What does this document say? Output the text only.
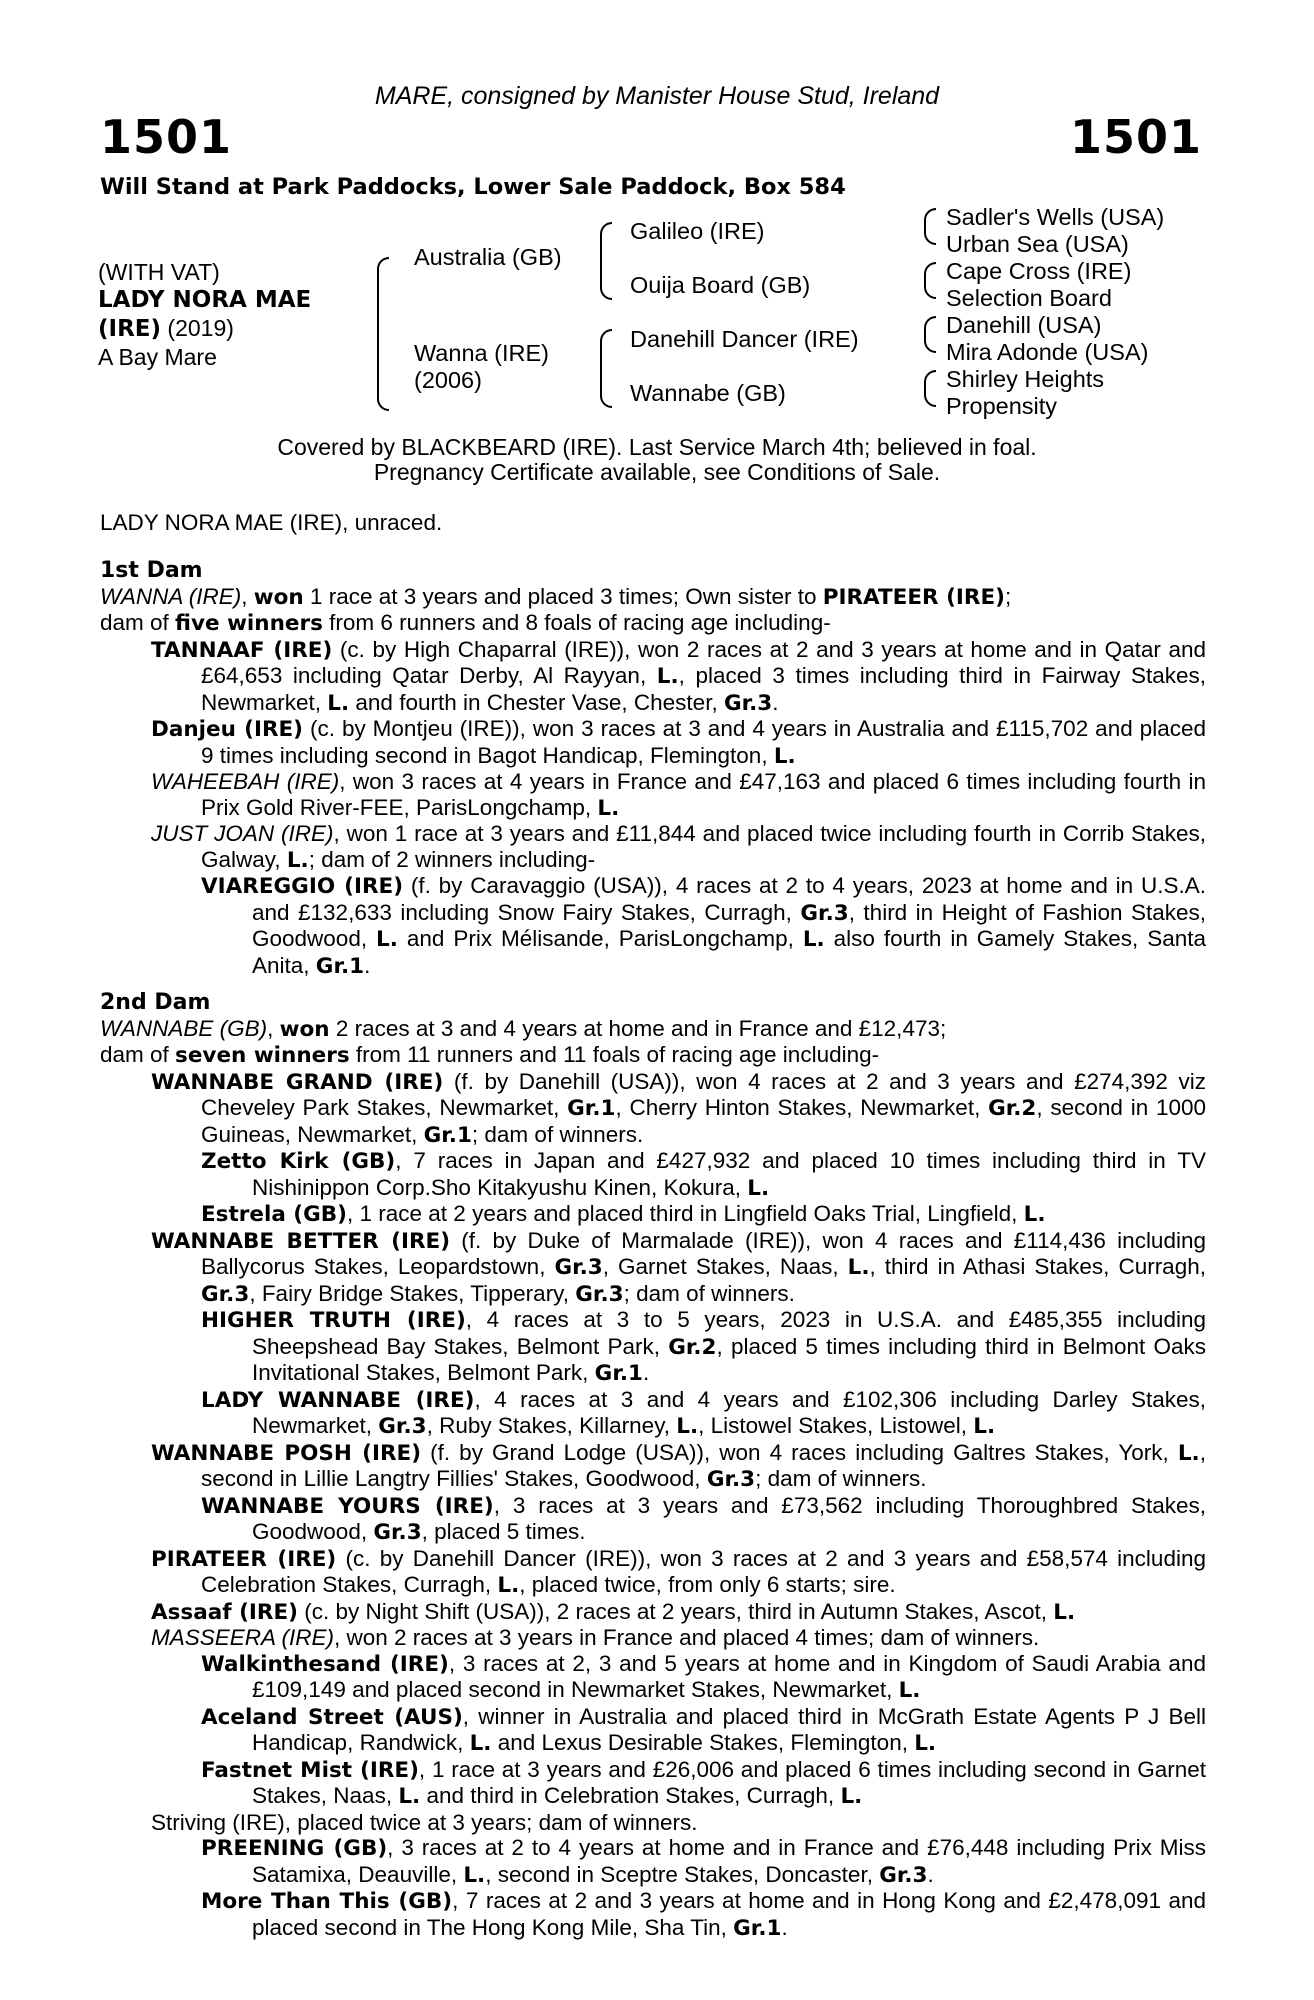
MARE, consigned by Manister House Stud, Ireland
1501	1501
Will Stand at Park Paddocks, Lower Sale Paddock, Box 584
(WITH VAT)
LADY NORA MAE
(IRE) (2019)
A Bay Mare
Australia (GB)
Wanna (IRE)
(2006)
Galileo (IRE)
Ouija Board (GB)
Danehill Dancer (IRE)
Wannabe (GB)
Sadler's Wells (USA)
Urban Sea (USA)
Cape Cross (IRE)
Selection Board
Danehill (USA)
Mira Adonde (USA)
Shirley Heights
Propensity
Covered by BLACKBEARD (IRE). Last Service March 4th; believed in foal.
Pregnancy Certificate available, see Conditions of Sale.
LADY NORA MAE (IRE), unraced.
1st Dam
WANNA (IRE), won 1 race at 3 years and placed 3 times; Own sister to PIRATEER (IRE);
dam of five winners from 6 runners and 8 foals of racing age including-
TANNAAF (IRE) (c. by High Chaparral (IRE)), won 2 races at 2 and 3 years at home and in Qatar and £64,653 including Qatar Derby, Al Rayyan, L., placed 3 times including third in Fairway Stakes, Newmarket, L. and fourth in Chester Vase, Chester, Gr.3.
Danjeu (IRE) (c. by Montjeu (IRE)), won 3 races at 3 and 4 years in Australia and £115,702 and placed 9 times including second in Bagot Handicap, Flemington, L.
WAHEEBAH (IRE), won 3 races at 4 years in France and £47,163 and placed 6 times including fourth in Prix Gold River-FEE, ParisLongchamp, L.
JUST JOAN (IRE), won 1 race at 3 years and £11,844 and placed twice including fourth in Corrib Stakes, Galway, L.; dam of 2 winners including-
VIAREGGIO (IRE) (f. by Caravaggio (USA)), 4 races at 2 to 4 years, 2023 at home and in U.S.A. and £132,633 including Snow Fairy Stakes, Curragh, Gr.3, third in Height of Fashion Stakes, Goodwood, L. and Prix Mélisande, ParisLongchamp, L. also fourth in Gamely Stakes, Santa Anita, Gr.1.
2nd Dam
WANNABE (GB), won 2 races at 3 and 4 years at home and in France and £12,473;
dam of seven winners from 11 runners and 11 foals of racing age including-
WANNABE GRAND (IRE) (f. by Danehill (USA)), won 4 races at 2 and 3 years and £274,392 viz Cheveley Park Stakes, Newmarket, Gr.1, Cherry Hinton Stakes, Newmarket, Gr.2, second in 1000 Guineas, Newmarket, Gr.1; dam of winners.
Zetto Kirk (GB), 7 races in Japan and £427,932 and placed 10 times including third in TV Nishinippon Corp.Sho Kitakyushu Kinen, Kokura, L.
Estrela (GB), 1 race at 2 years and placed third in Lingfield Oaks Trial, Lingfield, L.
WANNABE BETTER (IRE) (f. by Duke of Marmalade (IRE)), won 4 races and £114,436 including Ballycorus Stakes, Leopardstown, Gr.3, Garnet Stakes, Naas, L., third in Athasi Stakes, Curragh, Gr.3, Fairy Bridge Stakes, Tipperary, Gr.3; dam of winners.
HIGHER TRUTH (IRE), 4 races at 3 to 5 years, 2023 in U.S.A. and £485,355 including Sheepshead Bay Stakes, Belmont Park, Gr.2, placed 5 times including third in Belmont Oaks Invitational Stakes, Belmont Park, Gr.1.
LADY WANNABE (IRE), 4 races at 3 and 4 years and £102,306 including Darley Stakes, Newmarket, Gr.3, Ruby Stakes, Killarney, L., Listowel Stakes, Listowel, L.
WANNABE POSH (IRE) (f. by Grand Lodge (USA)), won 4 races including Galtres Stakes, York, L., second in Lillie Langtry Fillies' Stakes, Goodwood, Gr.3; dam of winners.
WANNABE YOURS (IRE), 3 races at 3 years and £73,562 including Thoroughbred Stakes, Goodwood, Gr.3, placed 5 times.
PIRATEER (IRE) (c. by Danehill Dancer (IRE)), won 3 races at 2 and 3 years and £58,574 including Celebration Stakes, Curragh, L., placed twice, from only 6 starts; sire.
Assaaf (IRE) (c. by Night Shift (USA)), 2 races at 2 years, third in Autumn Stakes, Ascot, L.
MASSEERA (IRE), won 2 races at 3 years in France and placed 4 times; dam of winners.
Walkinthesand (IRE), 3 races at 2, 3 and 5 years at home and in Kingdom of Saudi Arabia and £109,149 and placed second in Newmarket Stakes, Newmarket, L.
Aceland Street (AUS), winner in Australia and placed third in McGrath Estate Agents P J Bell Handicap, Randwick, L. and Lexus Desirable Stakes, Flemington, L.
Fastnet Mist (IRE), 1 race at 3 years and £26,006 and placed 6 times including second in Garnet Stakes, Naas, L. and third in Celebration Stakes, Curragh, L.
Striving (IRE), placed twice at 3 years; dam of winners.
PREENING (GB), 3 races at 2 to 4 years at home and in France and £76,448 including Prix Miss Satamixa, Deauville, L., second in Sceptre Stakes, Doncaster, Gr.3.
More Than This (GB), 7 races at 2 and 3 years at home and in Hong Kong and £2,478,091 and placed second in The Hong Kong Mile, Sha Tin, Gr.1.
